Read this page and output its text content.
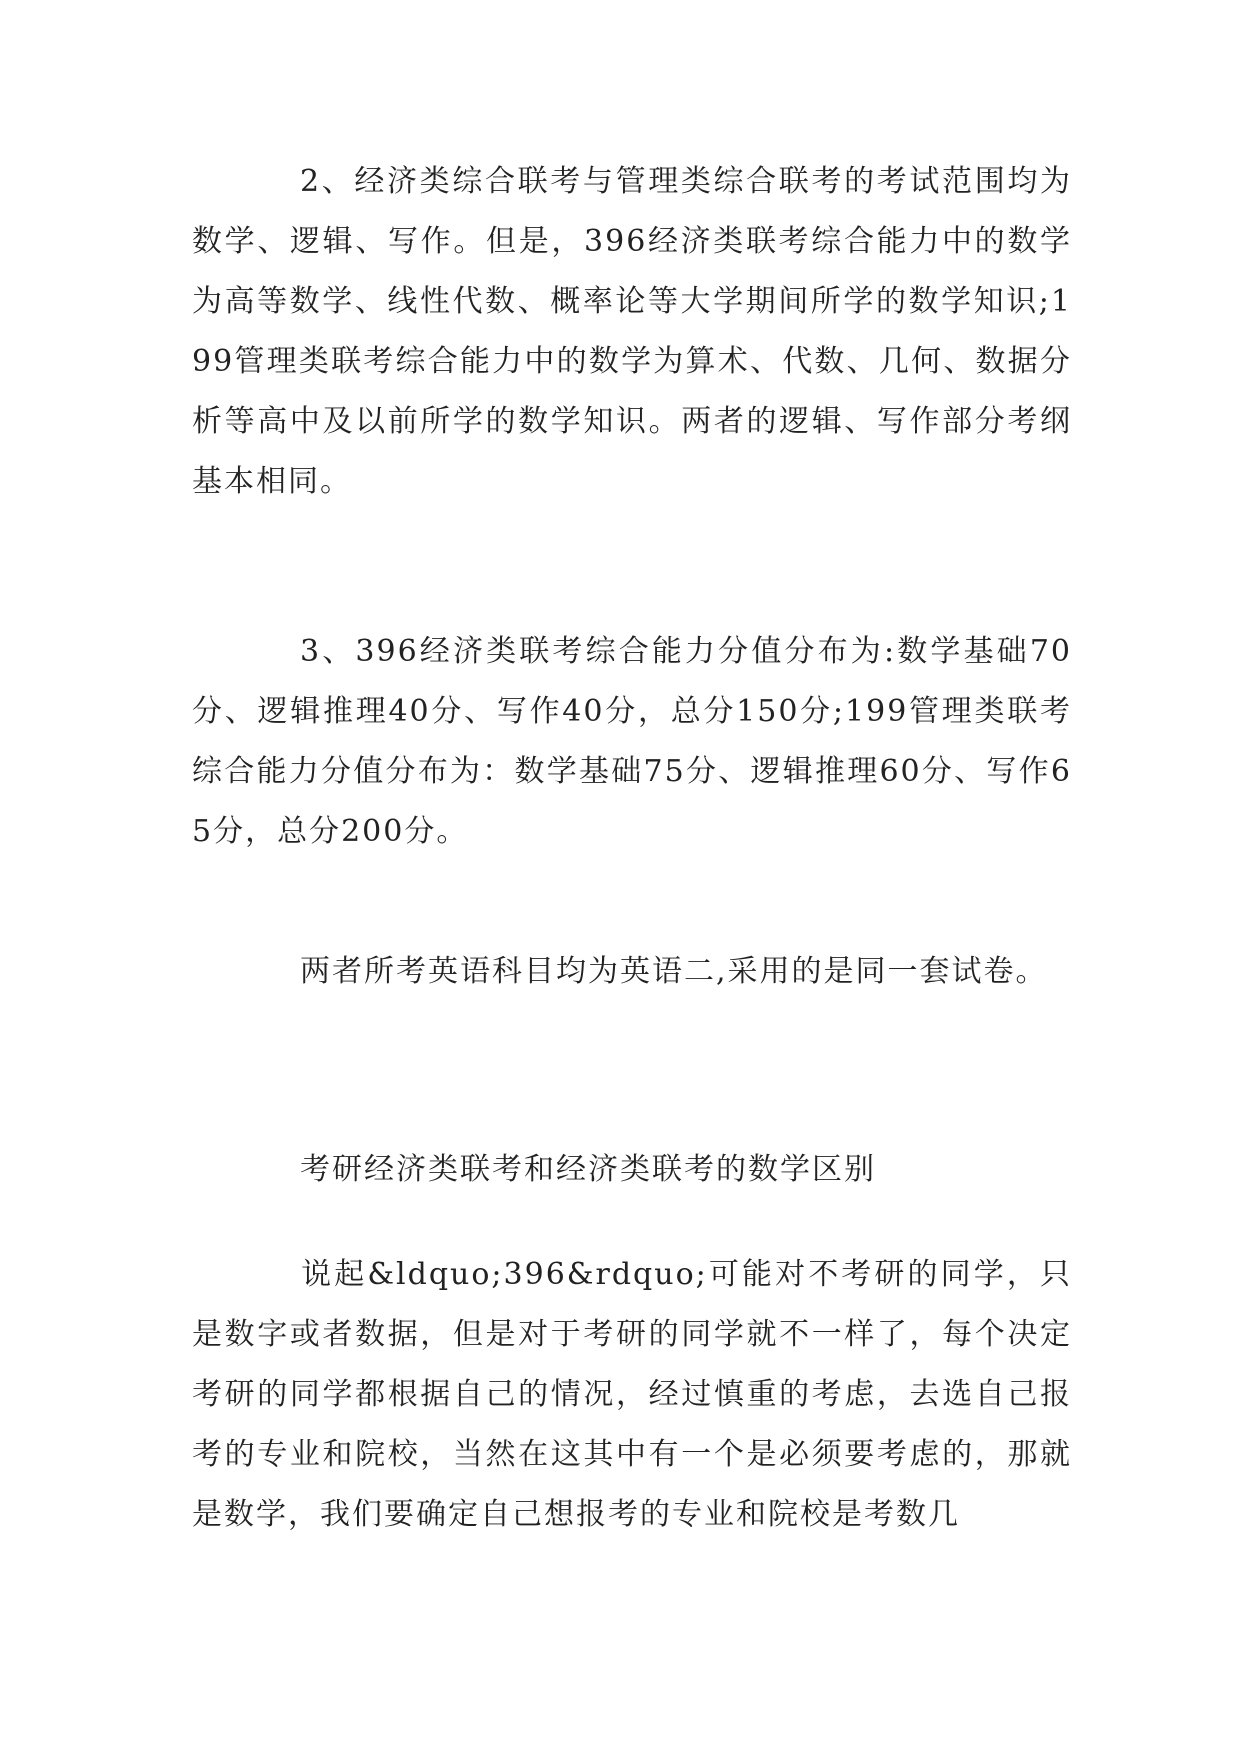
2、经济类综合联考与管理类综合联考的考试范围均为数学、逻辑、写作。但是，396经济类联考综合能力中的数学为高等数学、线性代数、概率论等大学期间所学的数学知识;199管理类联考综合能力中的数学为算术、代数、几何、数据分析等高中及以前所学的数学知识。两者的逻辑、写作部分考纲基本相同。

3、396经济类联考综合能力分值分布为:数学基础70分、逻辑推理40分、写作40分，总分150分;199管理类联考综合能力分值分布为：数学基础75分、逻辑推理60分、写作65分，总分200分。

两者所考英语科目均为英语二,采用的是同一套试卷。

考研经济类联考和经济类联考的数学区别

说起&ldquo;396&rdquo;可能对不考研的同学，只是数字或者数据，但是对于考研的同学就不一样了，每个决定考研的同学都根据自己的情况，经过慎重的考虑，去选自己报考的专业和院校，当然在这其中有一个是必须要考虑的，那就是数学，我们要确定自己想报考的专业和院校是考数几
